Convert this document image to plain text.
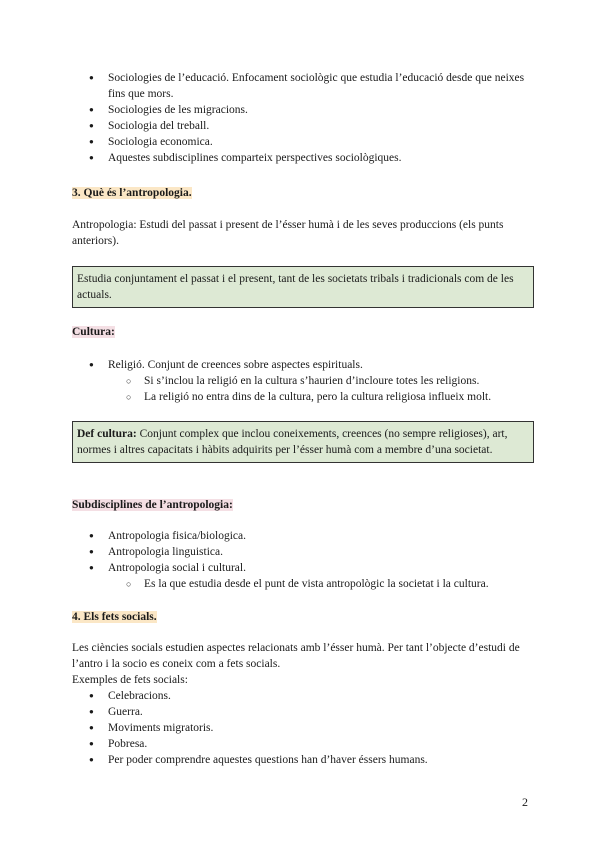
● Sociologies de l’educació. Enfocament sociològic que estudia l’educació desde que neixes fins que mors.
● Sociologies de les migracions.
● Sociologia del treball.
● Sociologia economica.
● Aquestes subdisciplines comparteix perspectives sociològiques.
3. Què és l’antropologia.
Antropologia: Estudi del passat i present de l’ésser humà i de les seves produccions (els punts anteriors).
Estudia conjuntament el passat i el present, tant de les societats tribals i tradicionals com de les actuals.
Cultura:
● Religió. Conjunt de creences sobre aspectes espirituals.
○ Si s’inclou la religió en la cultura s’haurien d’incloure totes les religions.
○ La religió no entra dins de la cultura, pero la cultura religiosa influeix molt.
Def cultura: Conjunt complex que inclou coneixements, creences (no sempre religioses), art, normes i altres capacitats i hàbits adquirits per l’ésser humà com a membre d’una societat.
Subdisciplines de l’antropologia:
● Antropologia fisica/biologica.
● Antropologia linguistica.
● Antropologia social i cultural.
○ Es la que estudia desde el punt de vista antropològic la societat i la cultura.
4. Els fets socials.
Les ciències socials estudien aspectes relacionats amb l’ésser humà. Per tant l’objecte d’estudi de l’antro i la socio es coneix com a fets socials.
Exemples de fets socials:
● Celebracions.
● Guerra.
● Moviments migratoris.
● Pobresa.
● Per poder comprendre aquestes questions han d’haver éssers humans.
2
